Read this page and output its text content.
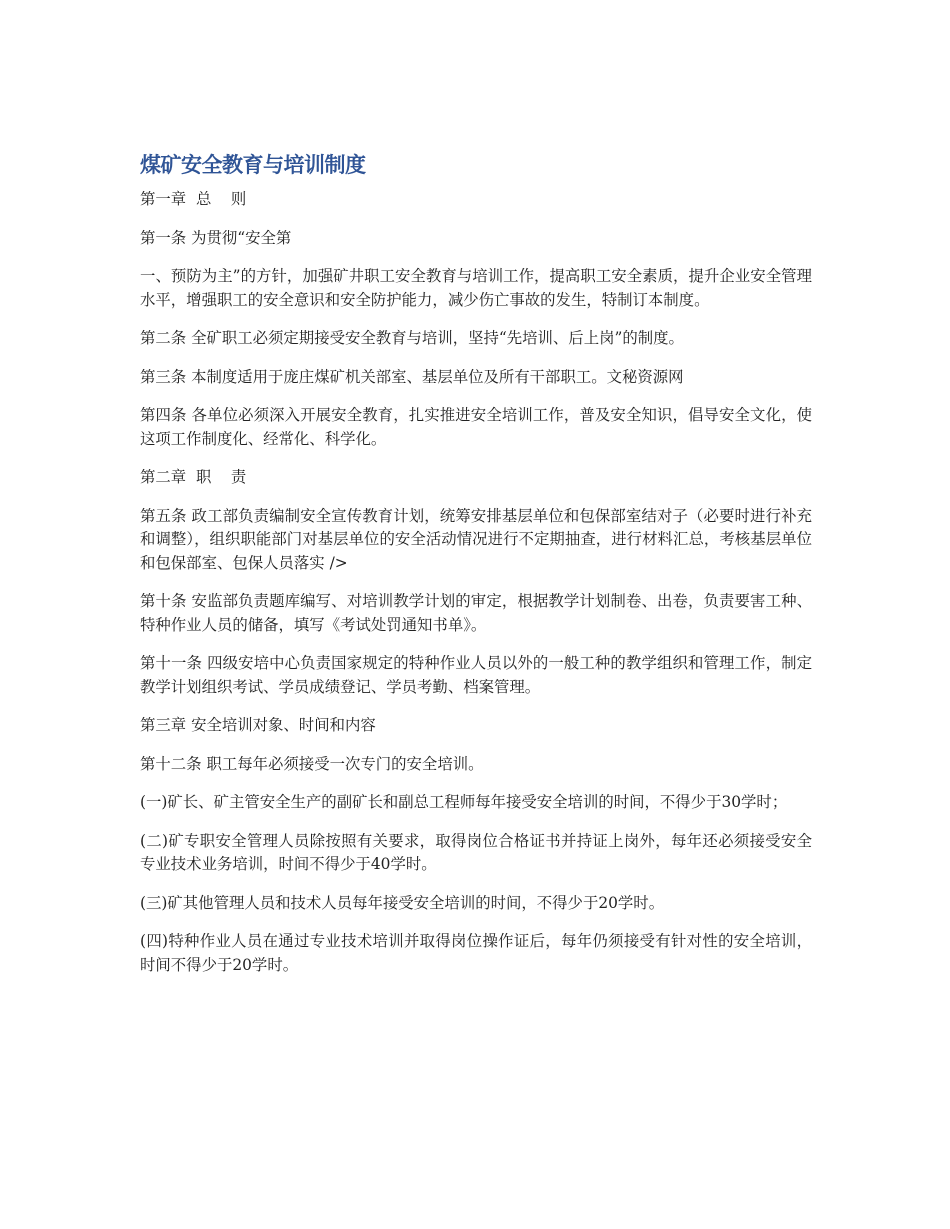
煤矿安全教育与培训制度

第一章  总    则

第一条 为贯彻“安全第

一、预防为主”的方针，加强矿井职工安全教育与培训工作，提高职工安全素质，提升企业安全管理水平，增强职工的安全意识和安全防护能力，减少伤亡事故的发生，特制订本制度。

第二条 全矿职工必须定期接受安全教育与培训，坚持“先培训、后上岗”的制度。

第三条 本制度适用于庞庄煤矿机关部室、基层单位及所有干部职工。文秘资源网

第四条 各单位必须深入开展安全教育，扎实推进安全培训工作，普及安全知识，倡导安全文化，使这项工作制度化、经常化、科学化。

第二章  职    责

第五条 政工部负责编制安全宣传教育计划，统筹安排基层单位和包保部室结对子（必要时进行补充和调整），组织职能部门对基层单位的安全活动情况进行不定期抽查，进行材料汇总，考核基层单位和包保部室、包保人员落实 />

第十条 安监部负责题库编写、对培训教学计划的审定，根据教学计划制卷、出卷，负责要害工种、特种作业人员的储备，填写《考试处罚通知书单》。

第十一条 四级安培中心负责国家规定的特种作业人员以外的一般工种的教学组织和管理工作，制定教学计划组织考试、学员成绩登记、学员考勤、档案管理。

第三章 安全培训对象、时间和内容

第十二条 职工每年必须接受一次专门的安全培训。

(一)矿长、矿主管安全生产的副矿长和副总工程师每年接受安全培训的时间，不得少于30学时；

(二)矿专职安全管理人员除按照有关要求，取得岗位合格证书并持证上岗外，每年还必须接受安全专业技术业务培训，时间不得少于40学时。

(三)矿其他管理人员和技术人员每年接受安全培训的时间，不得少于20学时。

(四)特种作业人员在通过专业技术培训并取得岗位操作证后，每年仍须接受有针对性的安全培训，时间不得少于20学时。
